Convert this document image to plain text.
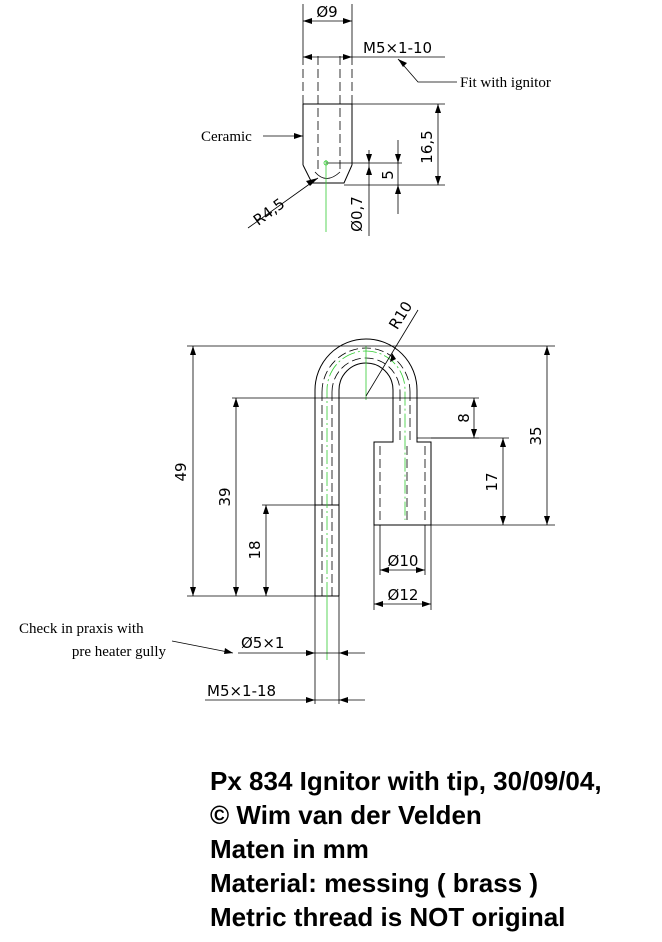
Ø9
M5×1-10
Fit with ignitor
Ceramic	16,5
5
Ø0,7
R4,5
R10
49
39
18
35
8
17
Ø10
Ø12
Ø5×1
Check in praxis with
pre heater gully
M5×1-18
Px 834 Ignitor with tip, 30/09/04,
© Wim van der Velden
Maten in mm
Material: messing ( brass )
Metric thread is NOT original
